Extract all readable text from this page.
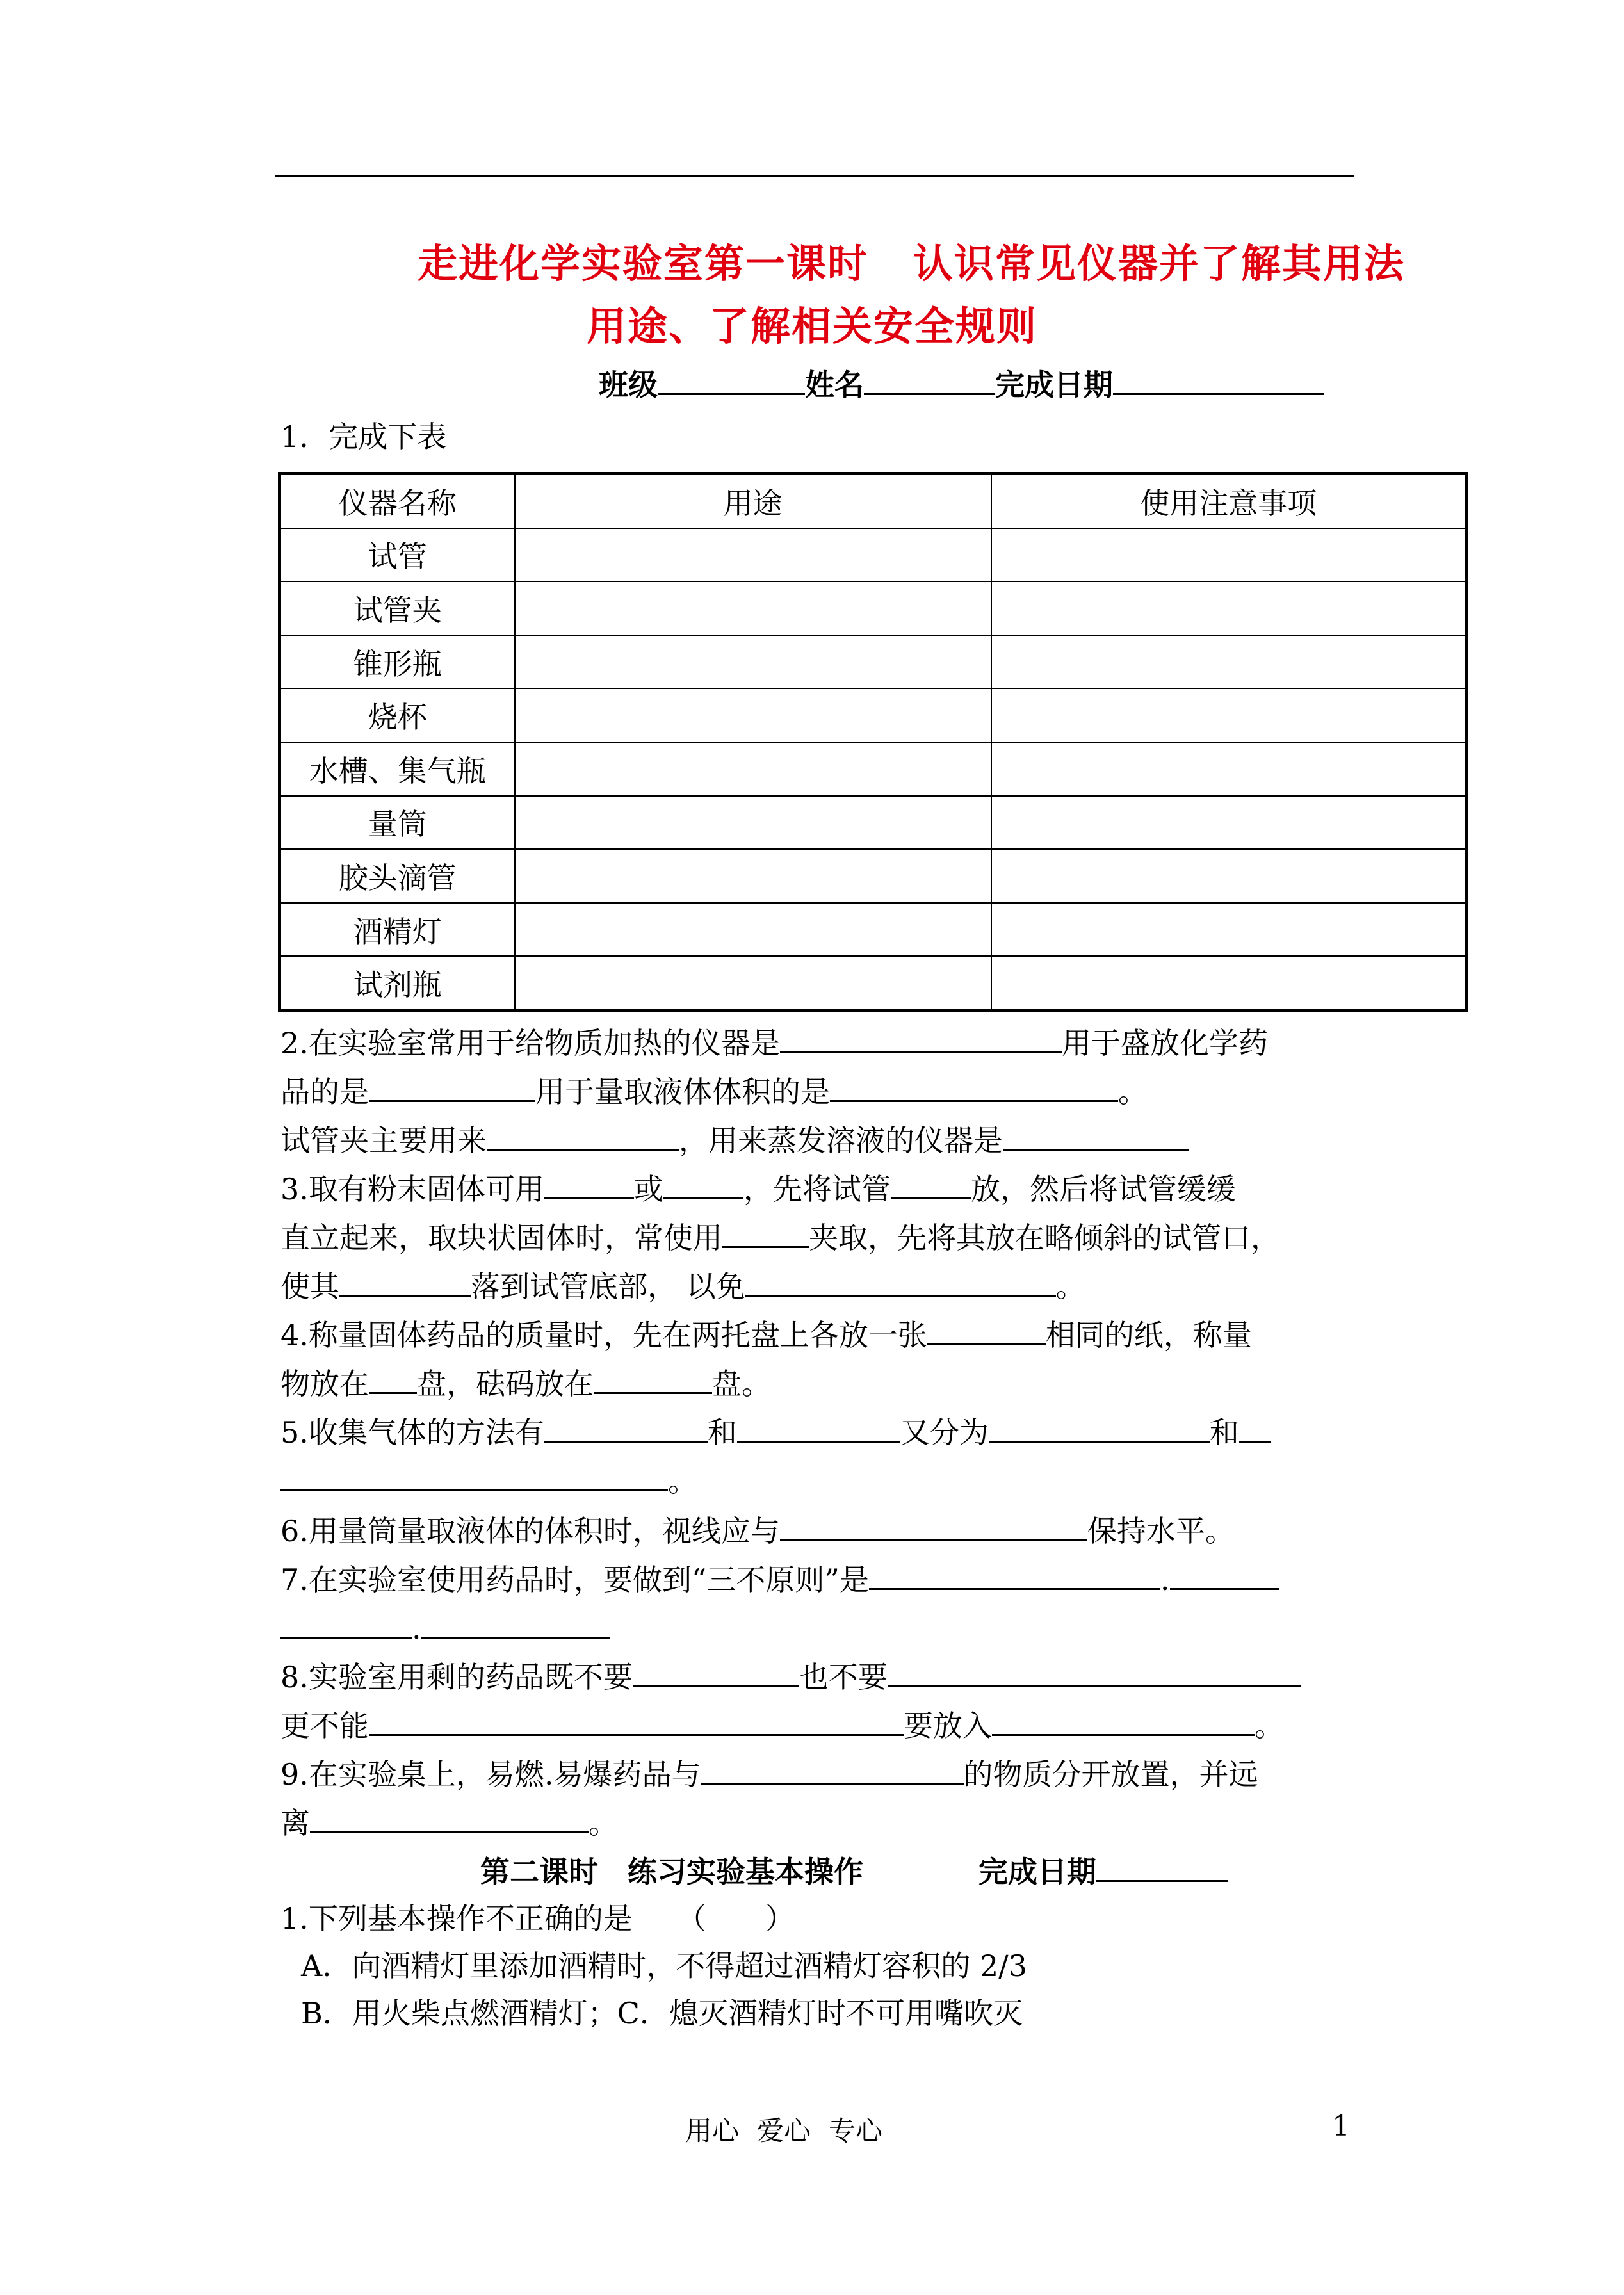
走进化学实验室第一课时 认识常见仪器并了解其用法
用途、了解相关安全规则
班级	姓名	完成日期
1．完成下表
仪器名称	用途	使用注意事项
试管		
试管夹		
锥形瓶		
烧杯		
水槽、集气瓶		
量筒		
胶头滴管		
酒精灯		
试剂瓶		
2.在实验室常用于给物质加热的仪器是	用于盛放化学药
品的是	用于量取液体体积的是	。
试管夹主要用来	，用来蒸发溶液的仪器是
3.取有粉末固体可用	或	，先将试管	放，然后将试管缓缓
直立起来，取块状固体时，常使用	夹取，先将其放在略倾斜的试管口，
使其	落到试管底部， 以免	。
4.称量固体药品的质量时，先在两托盘上各放一张	相同的纸，称量
物放在 盘，砝码放在	盘。
5.收集气体的方法有	和	又分为	和
。
6.用量筒量取液体的体积时，视线应与	保持水平。
7.在实验室使用药品时，要做到“三不原则”是	.
.
8.实验室用剩的药品既不要	也不要
更不能	要放入	。
9.在实验桌上，易燃.易爆药品与	的物质分开放置，并远
离	。
第二课时　练习实验基本操作	完成日期
1.下列基本操作不正确的是　　（　　）
A．向酒精灯里添加酒精时，不得超过酒精灯容积的 2/3
B．用火柴点燃酒精灯；C．熄灭酒精灯时不可用嘴吹灭
用心 爱心 专心	1
